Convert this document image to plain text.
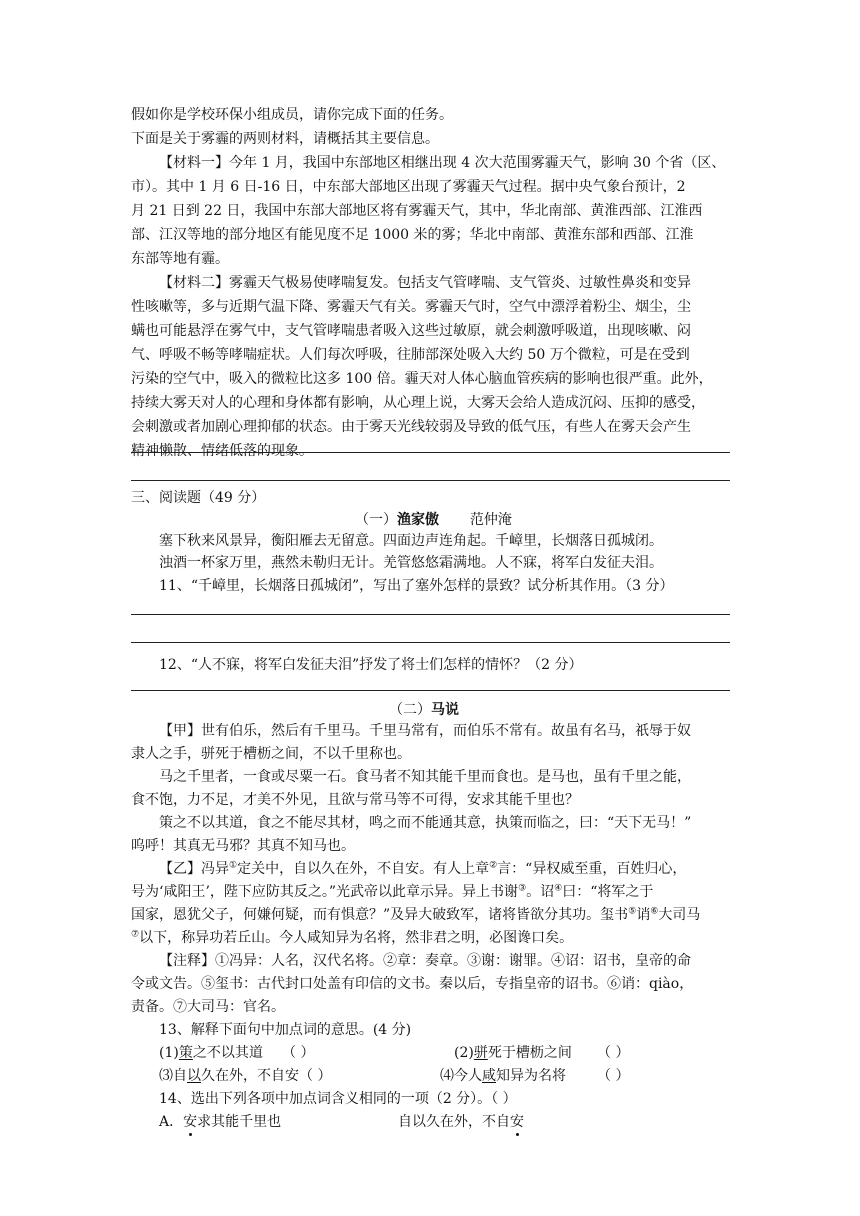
假如你是学校环保小组成员，请你完成下面的任务。
下面是关于雾霾的两则材料，请概括其主要信息。
【材料一】今年 1 月，我国中东部地区相继出现 4 次大范围雾霾天气，影响 30 个省（区、
市）。其中 1 月 6 日-16 日，中东部大部地区出现了雾霾天气过程。据中央气象台预计，2
月 21 日到 22 日，我国中东部大部地区将有雾霾天气，其中，华北南部、黄淮西部、江淮西
部、江汉等地的部分地区有能见度不足 1000 米的雾；华北中南部、黄淮东部和西部、江淮
东部等地有霾。
【材料二】雾霾天气极易使哮喘复发。包括支气管哮喘、支气管炎、过敏性鼻炎和变异
性咳嗽等，多与近期气温下降、雾霾天气有关。雾霾天气时，空气中漂浮着粉尘、烟尘，尘
螨也可能悬浮在雾气中，支气管哮喘患者吸入这些过敏原，就会刺激呼吸道，出现咳嗽、闷
气、呼吸不畅等哮喘症状。人们每次呼吸，往肺部深处吸入大约 50 万个微粒，可是在受到
污染的空气中，吸入的微粒比这多 100 倍。霾天对人体心脑血管疾病的影响也很严重。此外，
持续大雾天对人的心理和身体都有影响，从心理上说，大雾天会给人造成沉闷、压抑的感受，
会刺激或者加剧心理抑郁的状态。由于雾天光线较弱及导致的低气压，有些人在雾天会产生
精神懒散、情绪低落的现象。
三、阅读题（49 分）
（一）渔家傲 范仲淹
塞下秋来风景异，衡阳雁去无留意。四面边声连角起。千嶂里，长烟落日孤城闭。
浊酒一杯家万里，燕然未勒归无计。羌管悠悠霜满地。人不寐，将军白发征夫泪。
11、“千嶂里，长烟落日孤城闭”，写出了塞外怎样的景致？试分析其作用。（3 分）
12、“人不寐，将军白发征夫泪”抒发了将士们怎样的情怀？（2 分）
（二）马说
【甲】世有伯乐，然后有千里马。千里马常有，而伯乐不常有。故虽有名马，祇辱于奴
隶人之手，骈死于槽枥之间，不以千里称也。
马之千里者，一食或尽粟一石。食马者不知其能千里而食也。是马也，虽有千里之能，
食不饱，力不足，才美不外见，且欲与常马等不可得，安求其能千里也？
策之不以其道，食之不能尽其材，鸣之而不能通其意，执策而临之，曰：“天下无马！”
呜呼！其真无马邪？其真不知马也。
【乙】冯异①定关中，自以久在外，不自安。有人上章②言：“异权威至重，百姓归心，
号为‘咸阳王’，陛下应防其反之。”光武帝以此章示异。异上书谢③。诏④曰：“将军之于
国家，恩犹父子，何嫌何疑，而有惧意？”及异大破致军，诸将皆欲分其功。玺书⑤诮⑥大司马
⑦以下，称异功若丘山。今人咸知异为名将，然非君之明，必图谗口矣。
【注释】①冯异：人名，汉代名将。②章：奏章。③谢：谢罪。④诏：诏书，皇帝的命
令或文告。⑤玺书：古代封口处盖有印信的文书。秦以后，专指皇帝的诏书。⑥诮：qiào，
责备。⑦大司马：官名。
13、解释下面句中加点词的意思。(4 分)
(1)策之不以其道 （ ）	(2)骈死于槽枥之间 （ ）
⑶自以久在外，不自安（ ）	⑷今人咸知异为名将 （ ）
14、选出下列各项中加点词含义相同的一项（2 分）。（ ）
A．安求其能千里也	自以久在外，不自安
